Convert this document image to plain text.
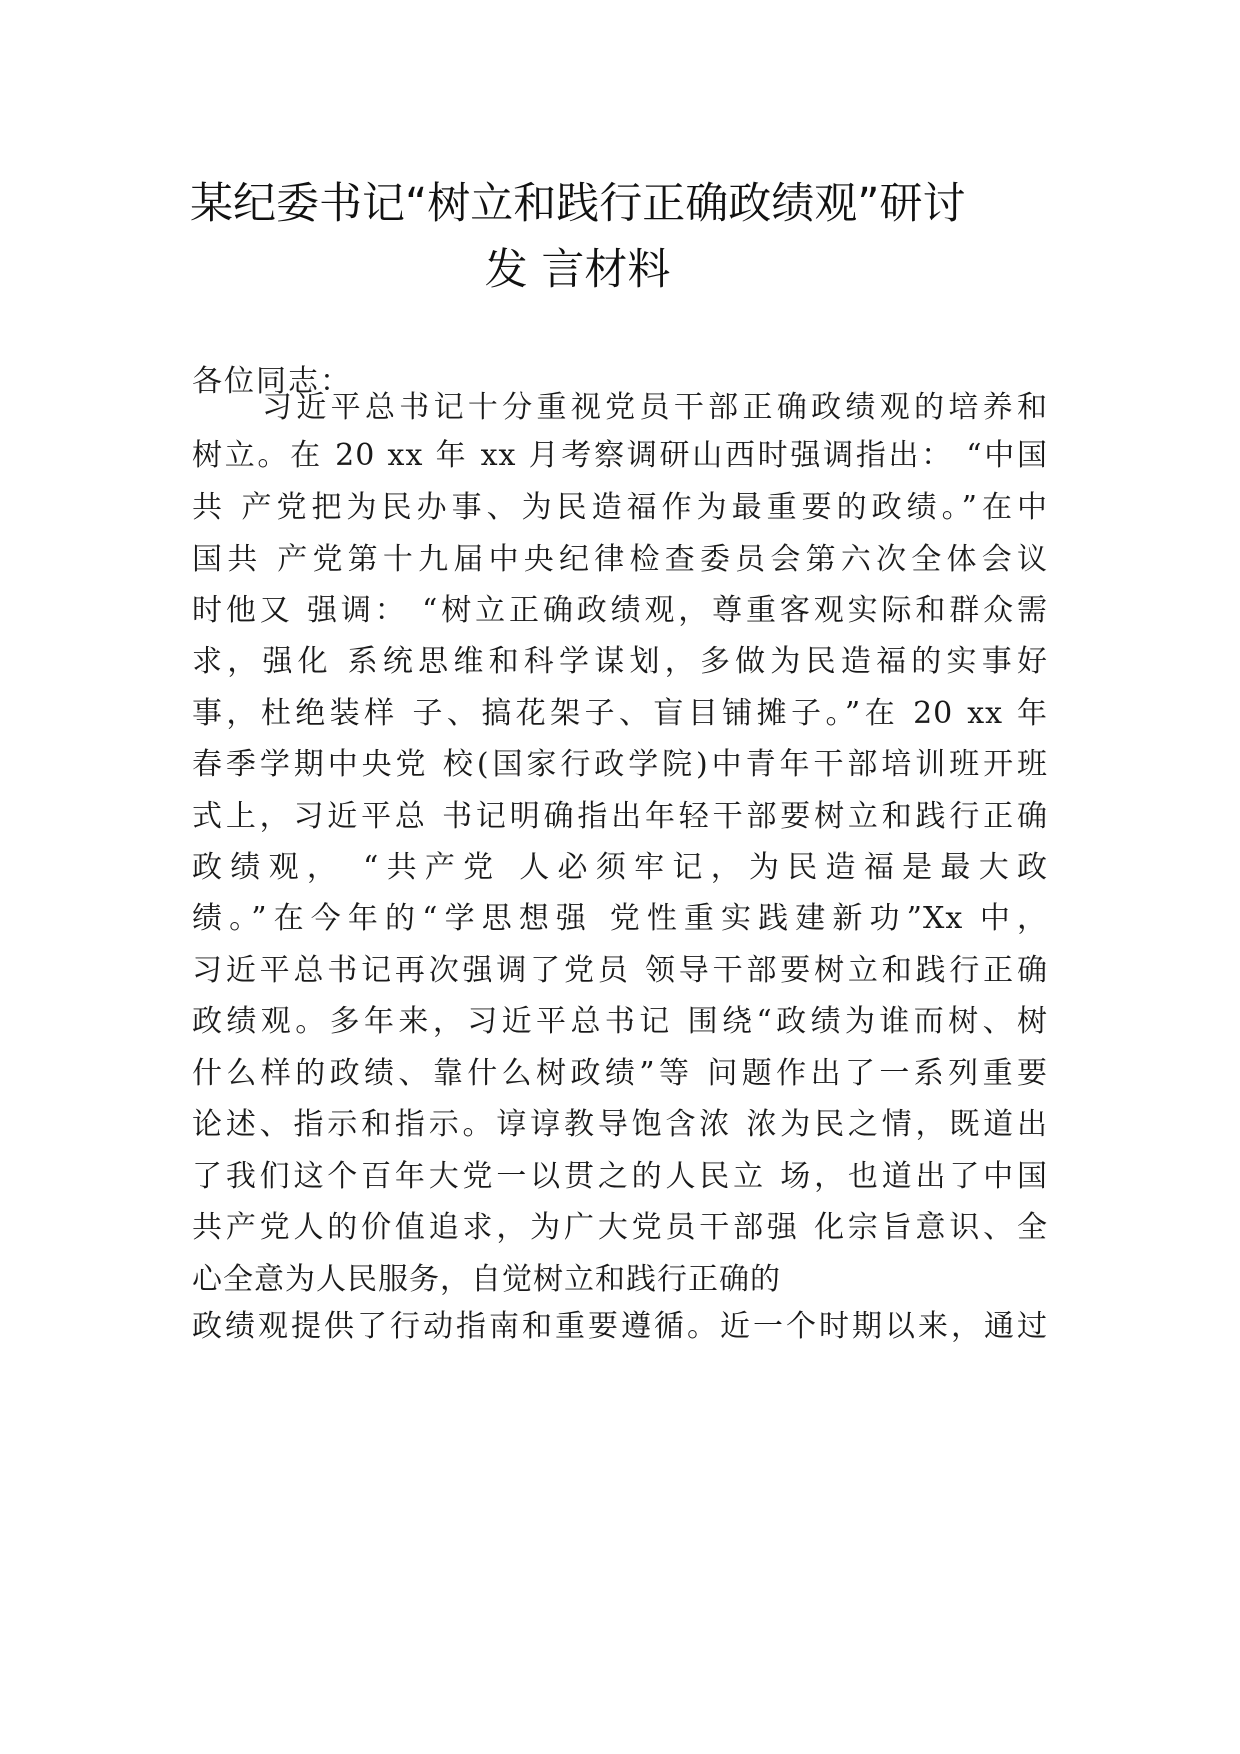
某纪委书记“树立和践行正确政绩观”研讨
发 言材料
各位同志：
习近平总书记十分重视党员干部正确政绩观的培养和
树立。在 20 xx 年 xx 月考察调研山西时强调指出： “中国
共 产党把为民办事、为民造福作为最重要的政绩。”在中
国共 产党第十九届中央纪律检查委员会第六次全体会议
时他又 强调： “树立正确政绩观，尊重客观实际和群众需
求，强化 系统思维和科学谋划，多做为民造福的实事好
事，杜绝装样 子、搞花架子、盲目铺摊子。”在 20 xx 年
春季学期中央党 校(国家行政学院)中青年干部培训班开班
式上，习近平总 书记明确指出年轻干部要树立和践行正确
政绩观， “共产党 人必须牢记，为民造福是最大政
绩。”在今年的“学思想强 党性重实践建新功”Xx 中，
习近平总书记再次强调了党员 领导干部要树立和践行正确
政绩观。多年来，习近平总书记 围绕“政绩为谁而树、树
什么样的政绩、靠什么树政绩”等 问题作出了一系列重要
论述、指示和指示。谆谆教导饱含浓 浓为民之情，既道出
了我们这个百年大党一以贯之的人民立 场，也道出了中国
共产党人的价值追求，为广大党员干部强 化宗旨意识、全
心全意为人民服务，自觉树立和践行正确的
政绩观提供了行动指南和重要遵循。近一个时期以来，通过
